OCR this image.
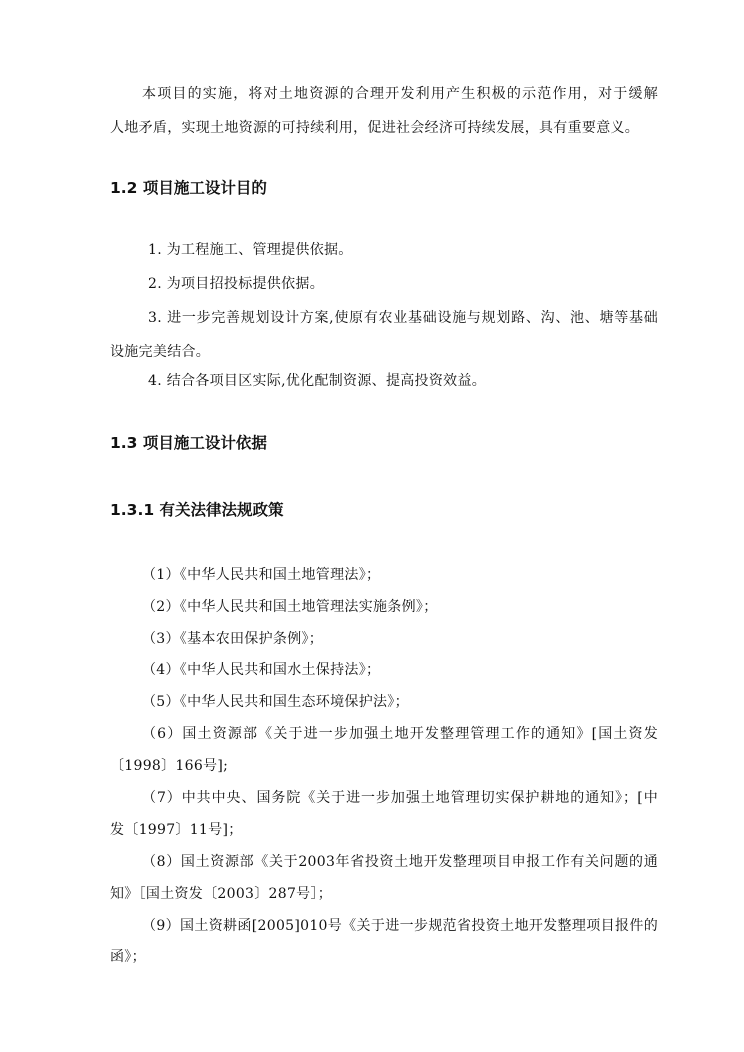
本项目的实施，将对土地资源的合理开发利用产生积极的示范作用，对于缓解
人地矛盾，实现土地资源的可持续利用，促进社会经济可持续发展，具有重要意义。
1.2 项目施工设计目的
1. 为工程施工、管理提供依据。
2. 为项目招投标提供依据。
3. 进一步完善规划设计方案,使原有农业基础设施与规划路、沟、池、塘等基础
设施完美结合。
4. 结合各项目区实际,优化配制资源、提高投资效益。
1.3 项目施工设计依据
1.3.1 有关法律法规政策
（1）《中华人民共和国土地管理法》；
（2）《中华人民共和国土地管理法实施条例》；
（3）《基本农田保护条例》；
（4）《中华人民共和国水土保持法》；
（5）《中华人民共和国生态环境保护法》；
（6）国土资源部《关于进一步加强土地开发整理管理工作的通知》[国土资发
〔1998〕166号];
（7）中共中央、国务院《关于进一步加强土地管理切实保护耕地的通知》；[中
发〔1997〕11号]；
（8）国土资源部《关于2003年省投资土地开发整理项目申报工作有关问题的通
知》［国土资发〔2003〕287号］；
（9）国土资耕函[2005]010号《关于进一步规范省投资土地开发整理项目报件的
函》；
